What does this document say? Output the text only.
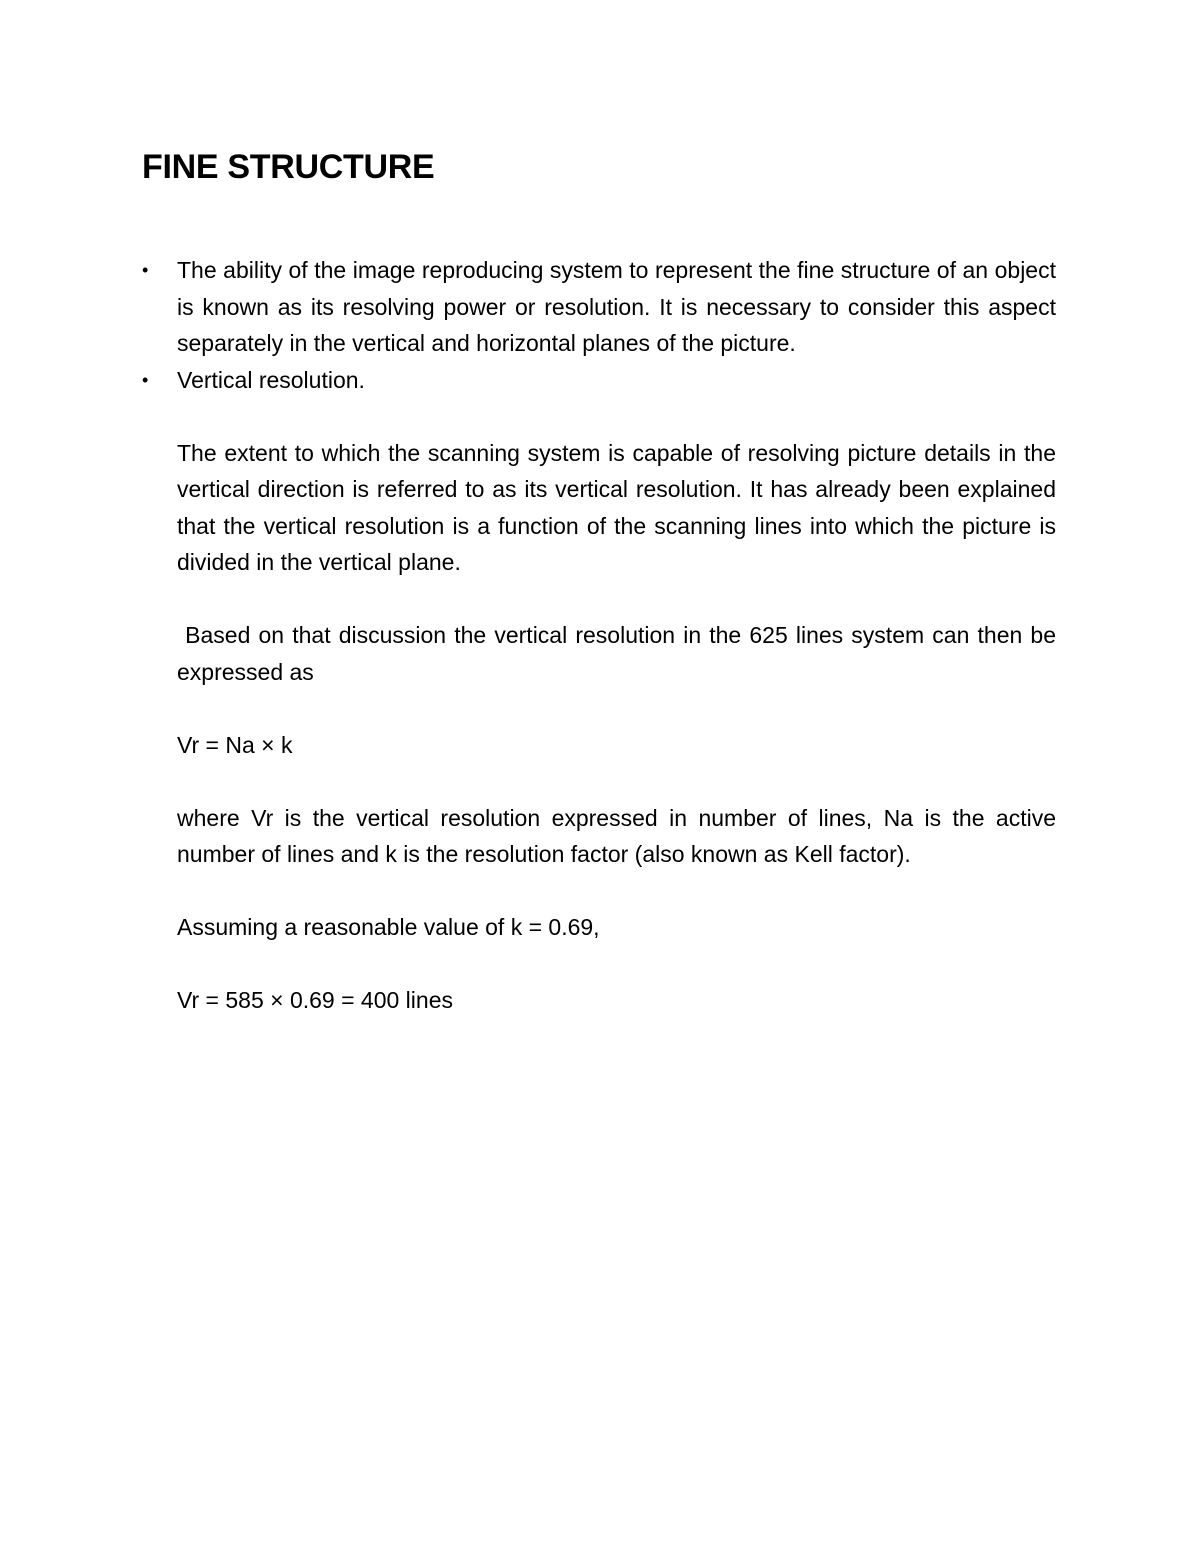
FINE STRUCTURE
• The ability of the image reproducing system to represent the fine structure of an object is known as its resolving power or resolution. It is necessary to consider this aspect separately in the vertical and horizontal planes of the picture.
• Vertical resolution.

The extent to which the scanning system is capable of resolving picture details in the vertical direction is referred to as its vertical resolution. It has already been explained that the vertical resolution is a function of the scanning lines into which the picture is divided in the vertical plane.

Based on that discussion the vertical resolution in the 625 lines system can then be expressed as

Vr = Na × k

where Vr is the vertical resolution expressed in number of lines, Na is the active number of lines and k is the resolution factor (also known as Kell factor).

Assuming a reasonable value of k = 0.69,

Vr = 585 × 0.69 = 400 lines
